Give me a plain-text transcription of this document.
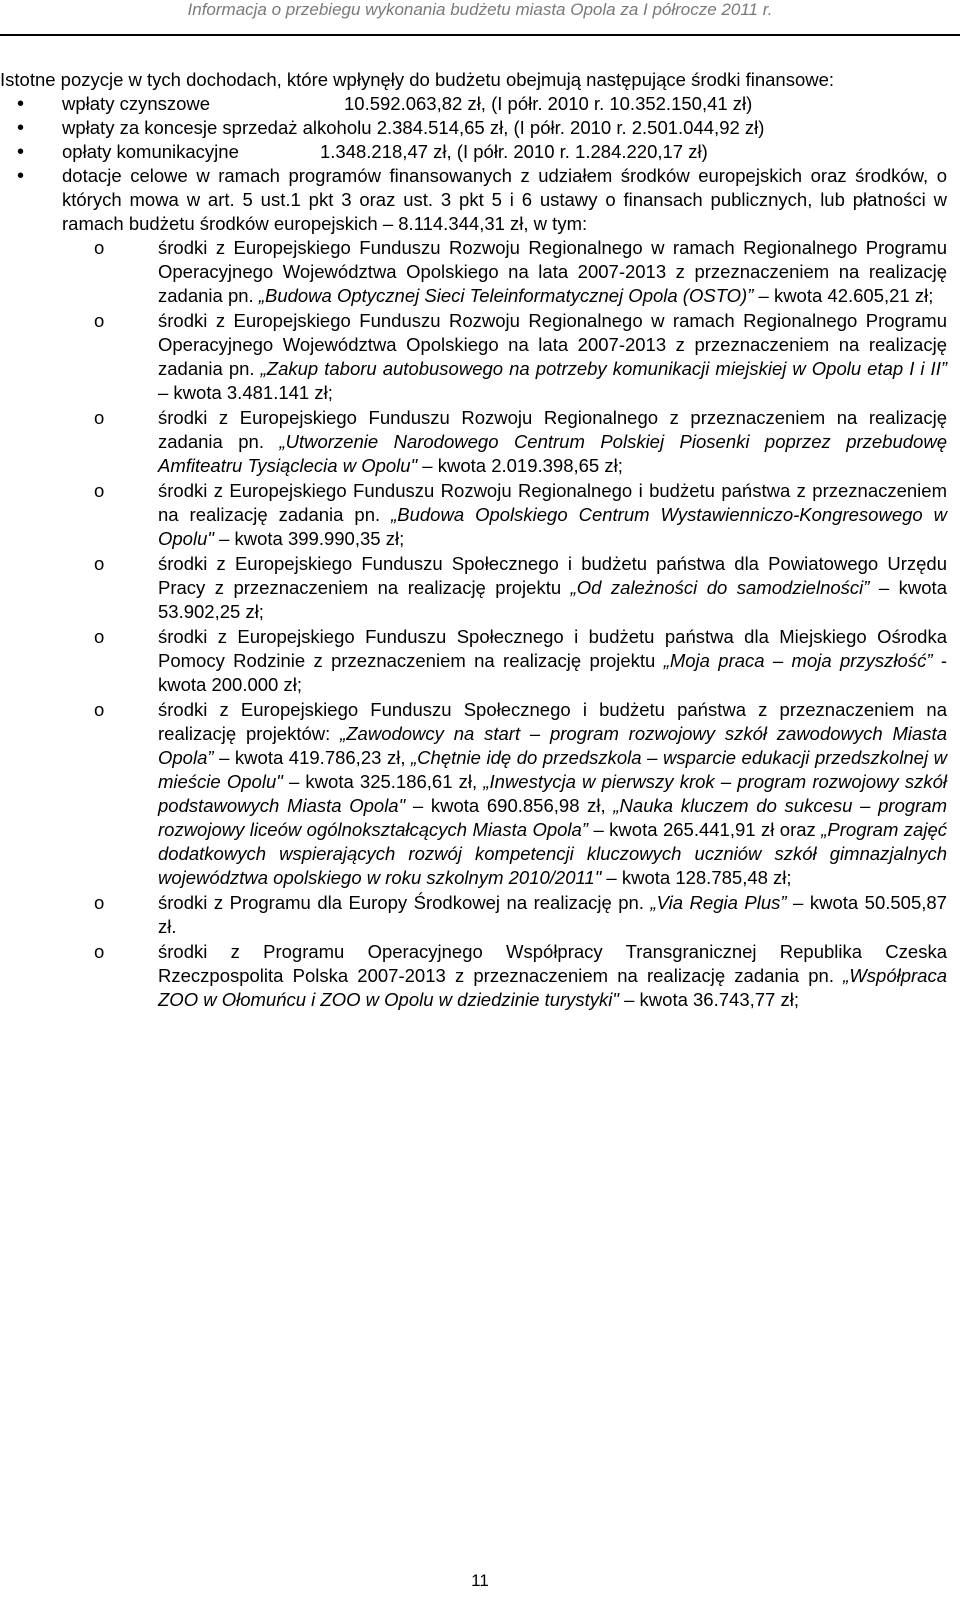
Informacja o przebiegu wykonania budżetu miasta Opola za I półrocze 2011 r.

Istotne pozycje w tych dochodach, które wpłynęły do budżetu obejmują następujące środki finansowe:

• wpłaty czynszowe	10.592.063,82 zł, (I półr. 2010 r. 10.352.150,41 zł)
• wpłaty za koncesje sprzedaż alkoholu 2.384.514,65 zł, (I półr. 2010 r. 2.501.044,92 zł)
• opłaty komunikacyjne	1.348.218,47 zł, (I półr. 2010 r. 1.284.220,17 zł)
• dotacje celowe w ramach programów finansowanych z udziałem środków europejskich oraz środków, o których mowa w art. 5 ust.1 pkt 3 oraz ust. 3 pkt 5 i 6 ustawy o finansach publicznych, lub płatności w ramach budżetu środków europejskich – 8.114.344,31 zł, w tym:
o	środki z Europejskiego Funduszu Rozwoju Regionalnego w ramach Regionalnego Programu Operacyjnego Województwa Opolskiego na lata 2007-2013 z przeznaczeniem na realizację zadania pn. „Budowa Optycznej Sieci Teleinformatycznej Opola (OSTO)” – kwota 42.605,21 zł;
o	środki z Europejskiego Funduszu Rozwoju Regionalnego w ramach Regionalnego Programu Operacyjnego Województwa Opolskiego na lata 2007-2013 z przeznaczeniem na realizację zadania pn. „Zakup taboru autobusowego na potrzeby komunikacji miejskiej w Opolu etap I i II” – kwota 3.481.141 zł;
o	środki z Europejskiego Funduszu Rozwoju Regionalnego z przeznaczeniem na realizację zadania pn. „Utworzenie Narodowego Centrum Polskiej Piosenki poprzez przebudowę Amfiteatru Tysiąclecia w Opolu" – kwota 2.019.398,65 zł;
o	środki z Europejskiego Funduszu Rozwoju Regionalnego i budżetu państwa z przeznaczeniem na realizację zadania pn. „Budowa Opolskiego Centrum Wystawienniczo-Kongresowego w Opolu" – kwota 399.990,35 zł;
o	środki z Europejskiego Funduszu Społecznego i budżetu państwa dla Powiatowego Urzędu Pracy z przeznaczeniem na realizację projektu „Od zależności do samodzielności” – kwota 53.902,25 zł;
o	środki z Europejskiego Funduszu Społecznego i budżetu państwa dla Miejskiego Ośrodka Pomocy Rodzinie z przeznaczeniem na realizację projektu „Moja praca – moja przyszłość” - kwota 200.000 zł;
o	środki z Europejskiego Funduszu Społecznego i budżetu państwa z przeznaczeniem na realizację projektów: „Zawodowcy na start – program rozwojowy szkół zawodowych Miasta Opola” – kwota 419.786,23 zł, „Chętnie idę do przedszkola – wsparcie edukacji przedszkolnej w mieście Opolu" – kwota 325.186,61 zł, „Inwestycja w pierwszy krok – program rozwojowy szkół podstawowych Miasta Opola" – kwota 690.856,98 zł, „Nauka kluczem do sukcesu – program rozwojowy liceów ogólnokształcących Miasta Opola” – kwota 265.441,91 zł oraz „Program zajęć dodatkowych wspierających rozwój kompetencji kluczowych uczniów szkół gimnazjalnych województwa opolskiego w roku szkolnym 2010/2011" – kwota 128.785,48 zł;
o	środki z Programu dla Europy Środkowej na realizację pn. „Via Regia Plus” – kwota 50.505,87 zł.
o	środki z Programu Operacyjnego Współpracy Transgranicznej Republika Czeska Rzeczpospolita Polska 2007-2013 z przeznaczeniem na realizację zadania pn. „Współpraca ZOO w Ołomuńcu i ZOO w Opolu w dziedzinie turystyki" – kwota 36.743,77 zł;
11
